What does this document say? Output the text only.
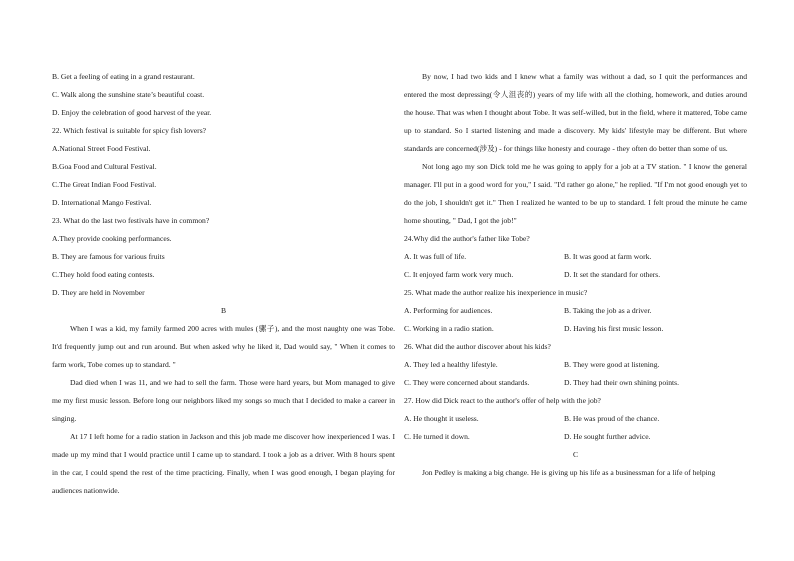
B. Get a feeling of eating in a grand restaurant.
C. Walk along the sunshine state’s beautiful coast.
D. Enjoy the celebration of good harvest of the year.
22. Which festival is suitable for spicy fish lovers?
A.National Street Food Festival.
B.Goa Food and Cultural Festival.
C.The Great Indian Food Festival.
D. International Mango Festival.
23. What do the last two festivals have in common?
A.They provide cooking performances.
B. They are famous for various fruits
C.They hold food eating contests.
D. They are held in November
B

When I was a kid, my family farmed 200 acres with mules (骡子), and the most naughty one was Tobe. It'd frequently jump out and run around. But when asked why he liked it, Dad would say, " When it comes to farm work, Tobe comes up to standard. "

Dad died when I was 11, and we had to sell the farm. Those were hard years, but Mom managed to give me my first music lesson. Before long our neighbors liked my songs so much that I decided to make a career in singing.

At 17 I left home for a radio station in Jackson and this job made me discover how inexperienced I was. I made up my mind that I would practice until I came up to standard. I took a job as a driver. With 8 hours spent in the car, I could spend the rest of the time practicing. Finally, when I was good enough, I began playing for audiences nationwide.

By now, I had two kids and I knew what a family was without a dad, so I quit the performances and entered the most depressing(令人沮丧的) years of my life with all the clothing, homework, and duties around the house. That was when I thought about Tobe. It was self-willed, but in the field, where it mattered, Tobe came up to standard. So I started listening and made a discovery. My kids' lifestyle may be different. But where standards are concerned(涉及) - for things like honesty and courage - they often do better than some of us.

Not long ago my son Dick told me he was going to apply for a job at a TV station. " I know the general manager. I'll put in a good word for you," I said. "I'd rather go alone," he replied. "If I'm not good enough yet to do the job, I shouldn't get it." Then I realized he wanted to be up to standard. I felt proud the minute he came home shouting, " Dad, I got the job!"

24.Why did the author's father like Tobe?
A. It was full of life.	B. It was good at farm work.
C. It enjoyed farm work very much.	D. It set the standard for others.
25. What made the author realize his inexperience in music?
A. Performing for audiences.	B. Taking the job as a driver.
C. Working in a radio station.	D. Having his first music lesson.
26. What did the author discover about his kids?
A. They led a healthy lifestyle.	B. They were good at listening.
C. They were concerned about standards.	D. They had their own shining points.
27. How did Dick react to the author's offer of help with the job?
A. He thought it useless.	B. He was proud of the chance.
C. He turned it down.	D. He sought further advice.
C

Jon Pedley is making a big change. He is giving up his life as a businessman for a life of helping
